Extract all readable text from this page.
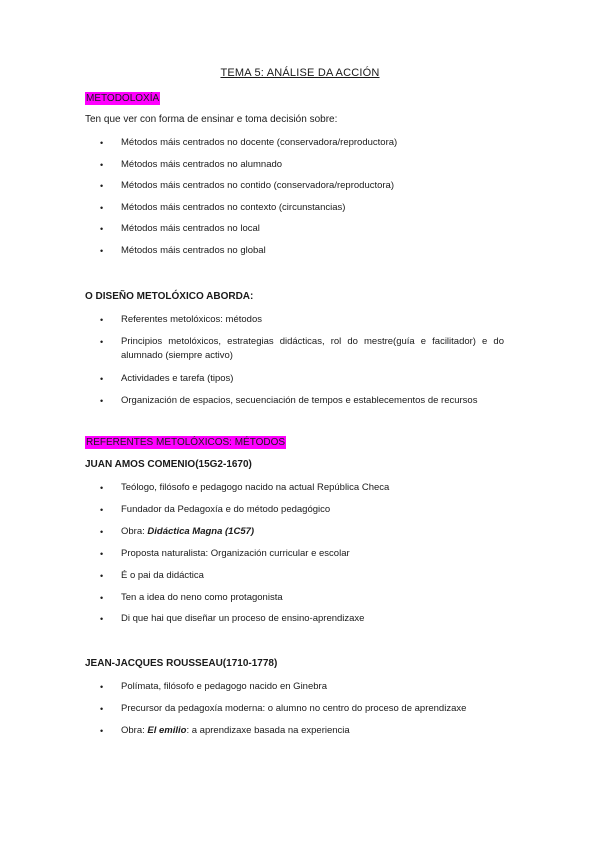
TEMA 5: ANÁLISE DA ACCIÓN
METODOLOXÍA
Ten que ver con forma de ensinar e toma decisión sobre:
• Métodos máis centrados no docente (conservadora/reproductora)
• Métodos máis centrados no alumnado
• Métodos máis centrados no contido (conservadora/reproductora)
• Métodos máis centrados no contexto (circunstancias)
• Métodos máis centrados no local
• Métodos máis centrados no global
O DISEÑO METOLÓXICO ABORDA:
• Referentes metolóxicos: métodos
• Principios metolóxicos, estrategias didácticas, rol do mestre(guía e facilitador) e do alumnado (siempre activo)
• Actividades e tarefa (tipos)
• Organización de espacios, secuenciación de tempos e establecementos de recursos
REFERENTES METOLÓXICOS: MÉTODOS
JUAN AMOS COMENIO(15G2-1670)
• Teólogo, filósofo e pedagogo nacido na actual República Checa
• Fundador da Pedagoxía e do método pedagógico
• Obra: Didáctica Magna (1C57)
• Proposta naturalista: Organización curricular e escolar
• É o pai da didáctica
• Ten a idea do neno como protagonista
• Di que hai que diseñar un proceso de ensino-aprendizaxe
JEAN-JACQUES ROUSSEAU(1710-1778)
• Polímata, filósofo e pedagogo nacido en Ginebra
• Precursor da pedagoxía moderna: o alumno no centro do proceso de aprendizaxe
• Obra: El emilio: a aprendizaxe basada na experiencia
